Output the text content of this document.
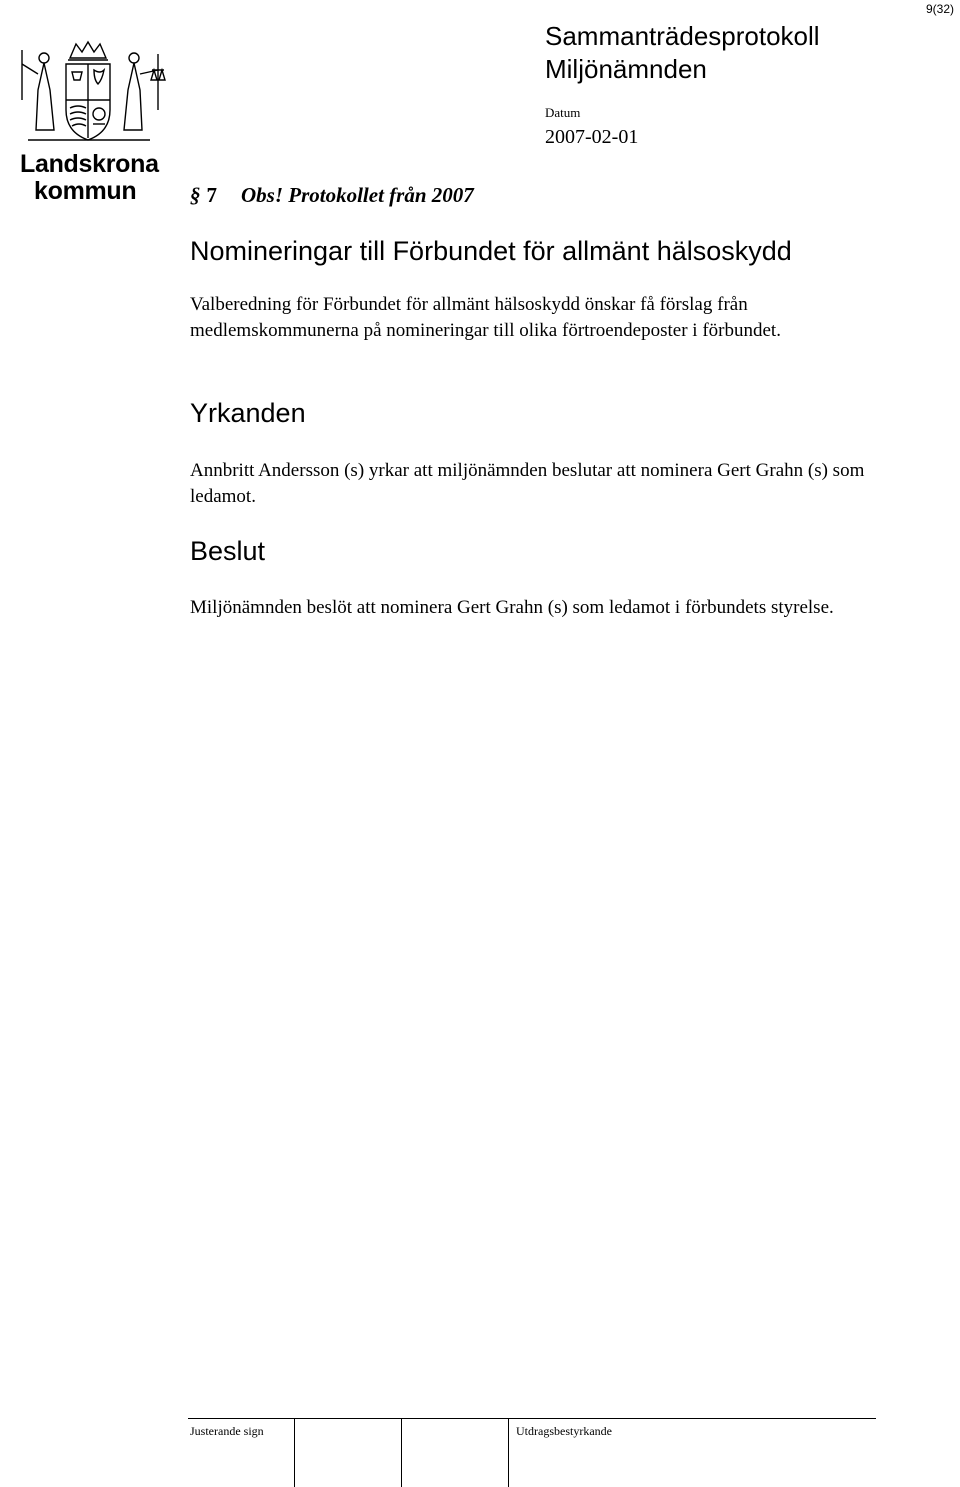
9(32)
Sammanträdesprotokoll
Miljönämnden
Datum
2007-02-01
Landskrona
kommun	§ 7 Obs! Protokollet från 2007
Nomineringar till Förbundet för allmänt hälsoskydd
Valberedning för Förbundet för allmänt hälsoskydd önskar få förslag från medlemskommunerna på nomineringar till olika förtroendeposter i förbundet.
Yrkanden
Annbritt Andersson (s) yrkar att miljönämnden beslutar att nominera Gert Grahn (s) som ledamot.
Beslut
Miljönämnden beslöt att nominera Gert Grahn (s) som ledamot i förbundets styrelse.
Justerande sign	Utdragsbestyrkande
